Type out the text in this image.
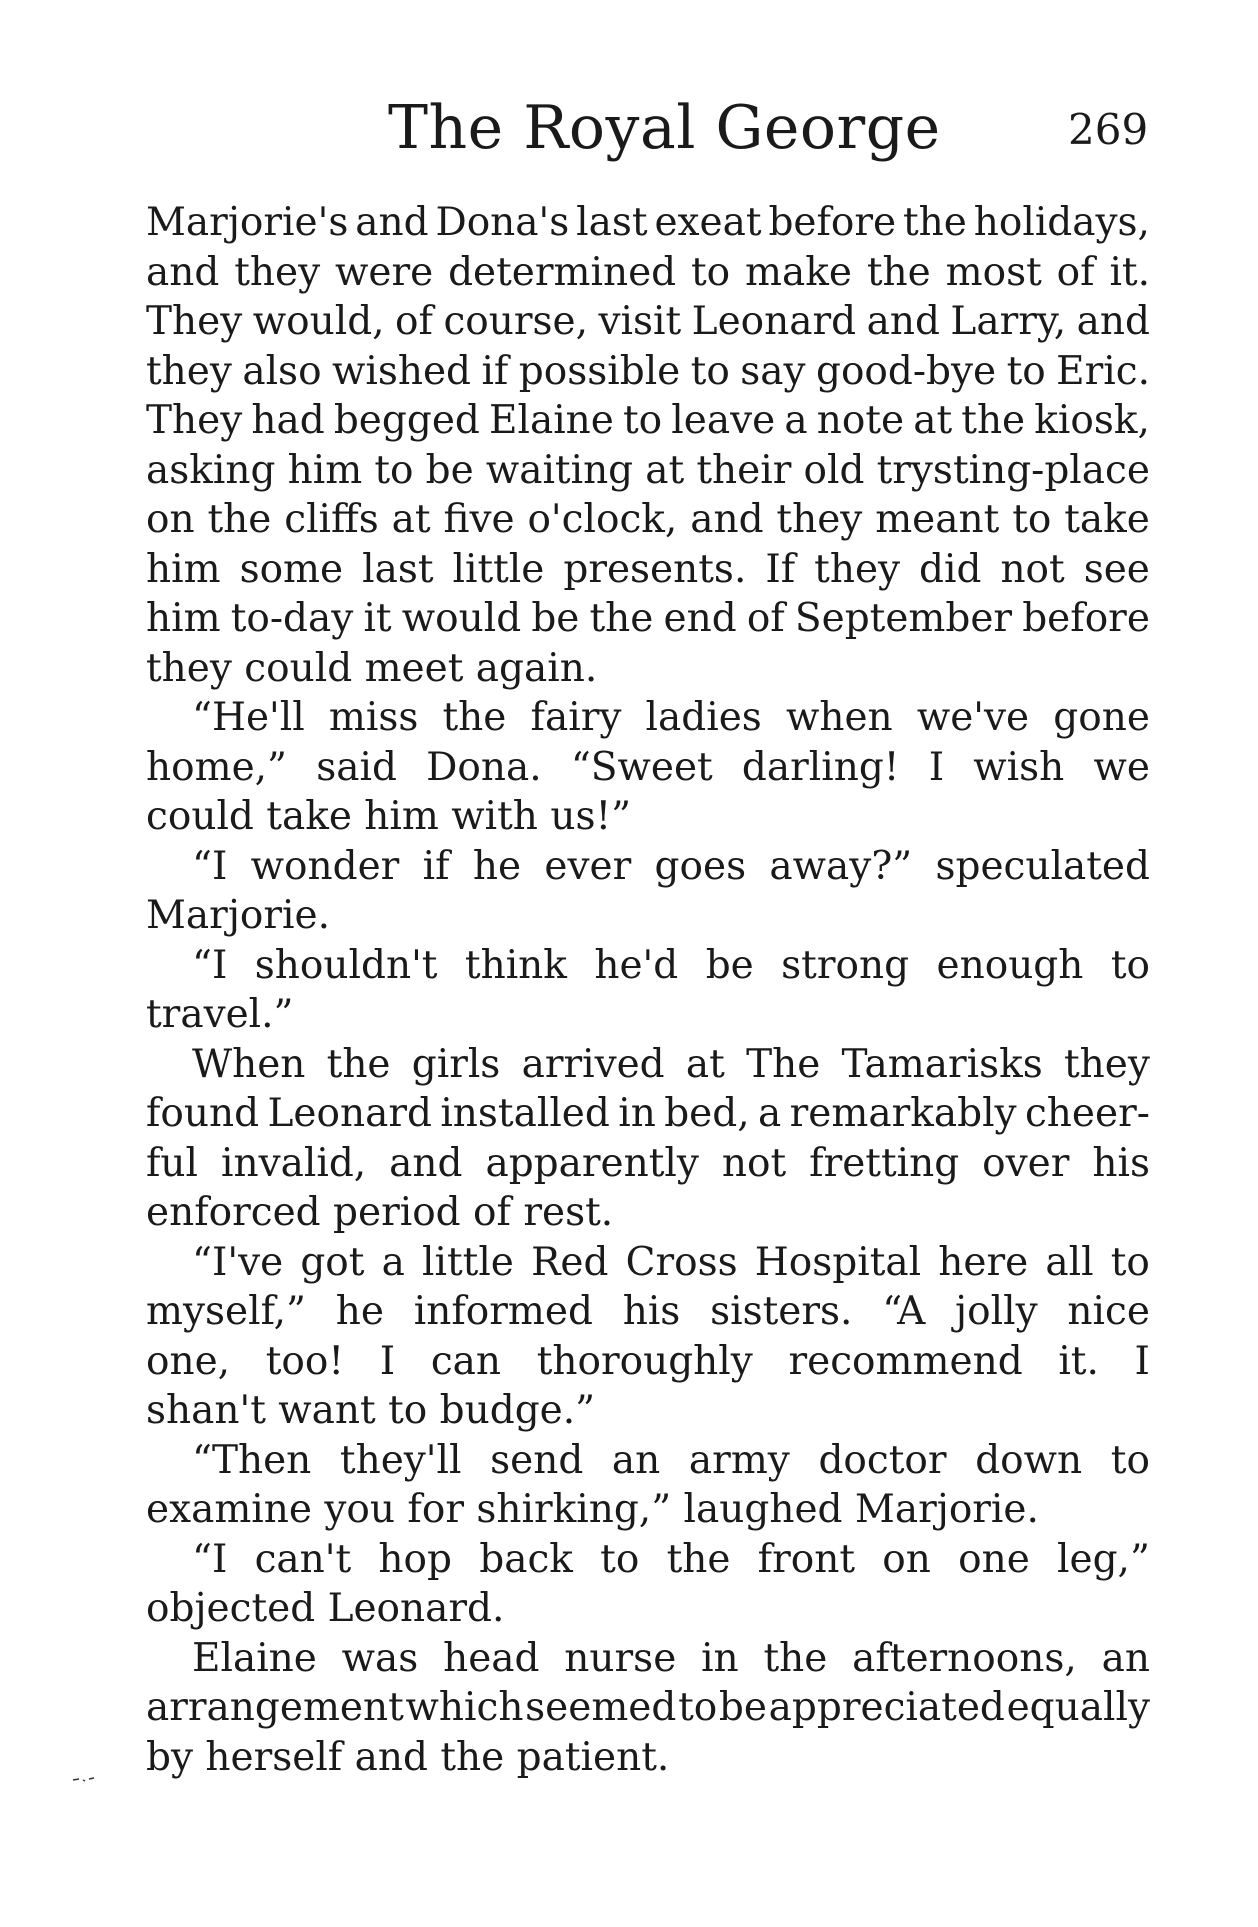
The Royal George	269
Marjorie's and Dona's last exeat before the holidays,
and they were determined to make the most of it.
They would, of course, visit Leonard and Larry, and
they also wished if possible to say good-bye to Eric.
They had begged Elaine to leave a note at the kiosk,
asking him to be waiting at their old trysting-place
on the cliffs at five o'clock, and they meant to take
him some last little presents. If they did not see
him to-day it would be the end of September before
they could meet again.
“He'll miss the fairy ladies when we've gone
home,” said Dona. “Sweet darling! I wish we
could take him with us!”
“I wonder if he ever goes away?” speculated
Marjorie.
“I shouldn't think he'd be strong enough to
travel.”
When the girls arrived at The Tamarisks they
found Leonard installed in bed, a remarkably cheer-
ful invalid, and apparently not fretting over his
enforced period of rest.
“I've got a little Red Cross Hospital here all to
myself,” he informed his sisters. “A jolly nice
one, too! I can thoroughly recommend it. I
shan't want to budge.”
“Then they'll send an army doctor down to
examine you for shirking,” laughed Marjorie.
“I can't hop back to the front on one leg,”
objected Leonard.
Elaine was head nurse in the afternoons, an
arrangement which seemed to be appreciated equally
by herself and the patient.
